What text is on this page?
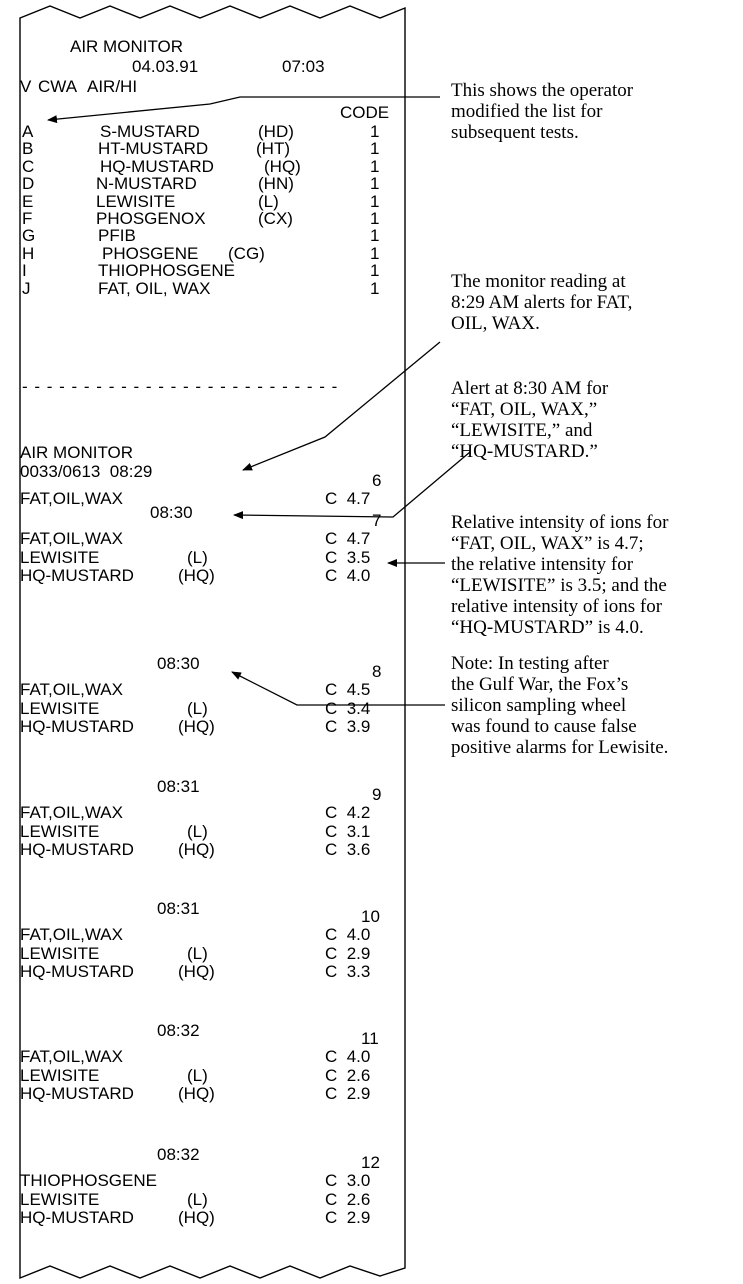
AIR MONITOR
04.03.91	07:03
V CWA AIR/HI
CODE
A	S-MUSTARD	(HD)	1
B	HT-MUSTARD	(HT)	1
C	HQ-MUSTARD	(HQ)	1
D	N-MUSTARD	(HN)	1
E	LEWISITE	(L)	1
F	PHOSGENOX	(CX)	1
G	PFIB	1
H	PHOSGENE (CG)	1
I	THIOPHOSGENE	1
J	FAT, OIL, WAX	1
- - - - - - - - - - - - - - - - - - - - - - - - - -
AIR MONITOR
0033/0613  08:29	6
FAT,OIL,WAX	C  4.7
08:30	7
FAT,OIL,WAX	C  4.7
LEWISITE	(L)	C  3.5
HQ-MUSTARD	(HQ)	C  4.0
08:30	8
FAT,OIL,WAX	C  4.5
LEWISITE	(L)	C  3.4
HQ-MUSTARD	(HQ)	C  3.9
08:31	9
FAT,OIL,WAX	C  4.2
LEWISITE	(L)	C  3.1
HQ-MUSTARD	(HQ)	C  3.6
08:31	10
FAT,OIL,WAX	C  4.0
LEWISITE	(L)	C  2.9
HQ-MUSTARD	(HQ)	C  3.3
08:32	11
FAT,OIL,WAX	C  4.0
LEWISITE	(L)	C  2.6
HQ-MUSTARD	(HQ)	C  2.9
08:32	12
THIOPHOSGENE	C  3.0
LEWISITE	(L)	C  2.6
HQ-MUSTARD	(HQ)	C  2.9
This shows the operator
modified the list for
subsequent tests.
The monitor reading at
8:29 AM alerts for FAT,
OIL, WAX.
Alert at 8:30 AM for
“FAT, OIL, WAX,”
“LEWISITE,” and
“HQ-MUSTARD.”
Relative intensity of ions for
“FAT, OIL, WAX” is 4.7;
the relative intensity for
“LEWISITE” is 3.5; and the
relative intensity of ions for
“HQ-MUSTARD” is 4.0.
Note: In testing after
the Gulf War, the Fox’s
silicon sampling wheel
was found to cause false
positive alarms for Lewisite.
